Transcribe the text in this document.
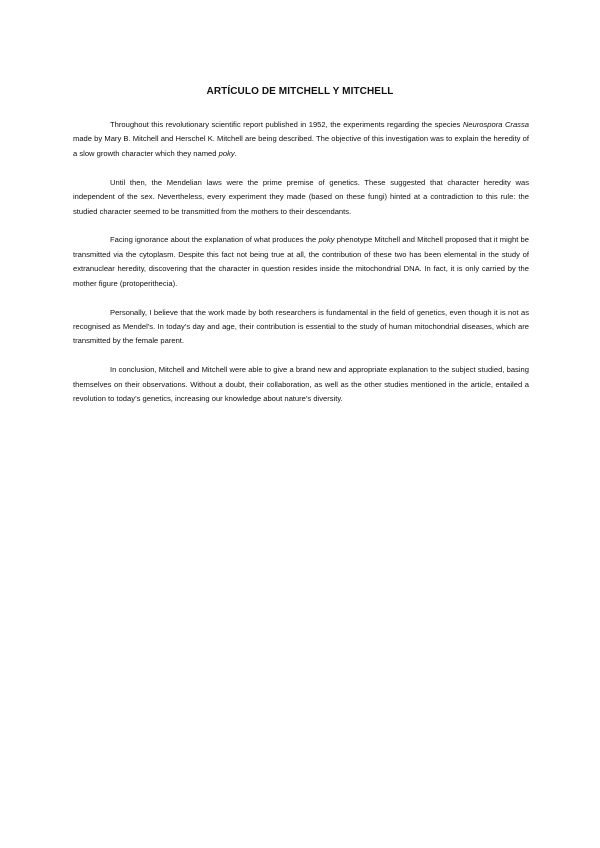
ARTÍCULO DE MITCHELL Y MITCHELL

Throughout this revolutionary scientific report published in 1952, the experiments regarding the species Neurospora Crassa made by Mary B. Mitchell and Herschel K. Mitchell are being described. The objective of this investigation was to explain the heredity of a slow growth character which they named poky.

Until then, the Mendelian laws were the prime premise of genetics. These suggested that character heredity was independent of the sex. Nevertheless, every experiment they made (based on these fungi) hinted at a contradiction to this rule: the studied character seemed to be transmitted from the mothers to their descendants.

Facing ignorance about the explanation of what produces the poky phenotype Mitchell and Mitchell proposed that it might be transmitted via the cytoplasm. Despite this fact not being true at all, the contribution of these two has been elemental in the study of extranuclear heredity, discovering that the character in question resides inside the mitochondrial DNA. In fact, it is only carried by the mother figure (protoperithecia).

Personally, I believe that the work made by both researchers is fundamental in the field of genetics, even though it is not as recognised as Mendel’s. In today’s day and age, their contribution is essential to the study of human mitochondrial diseases, which are transmitted by the female parent.

In conclusion, Mitchell and Mitchell were able to give a brand new and appropriate explanation to the subject studied, basing themselves on their observations. Without a doubt, their collaboration, as well as the other studies mentioned in the article, entailed a revolution to today’s genetics, increasing our knowledge about nature’s diversity.
